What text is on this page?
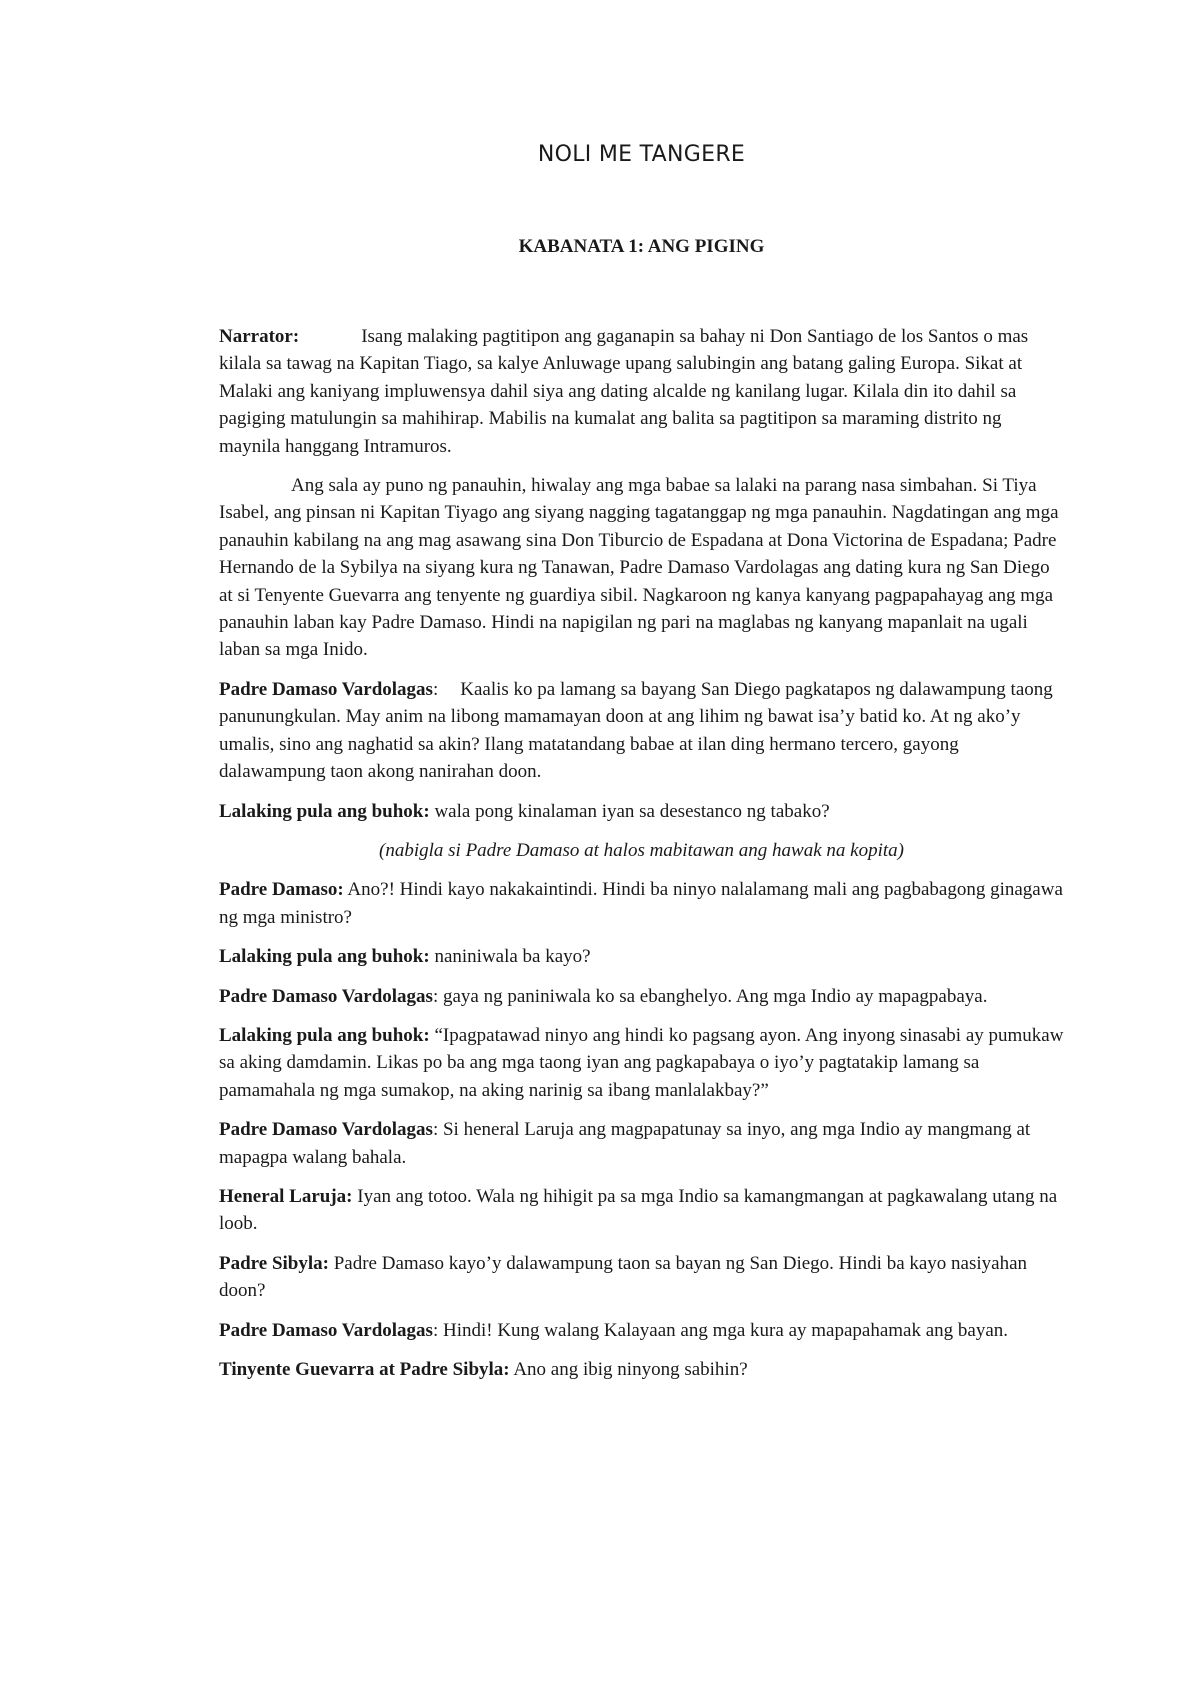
NOLI ME TANGERE
KABANATA 1: ANG PIGING

Narrator:	Isang malaking pagtitipon ang gaganapin sa bahay ni Don Santiago de los Santos o mas kilala sa tawag na Kapitan Tiago, sa kalye Anluwage upang salubingin ang batang galing Europa. Sikat at Malaki ang kaniyang impluwensya dahil siya ang dating alcalde ng kanilang lugar. Kilala din ito dahil sa pagiging matulungin sa mahihirap. Mabilis na kumalat ang balita sa pagtitipon sa maraming distrito ng maynila hanggang Intramuros.

Ang sala ay puno ng panauhin, hiwalay ang mga babae sa lalaki na parang nasa simbahan. Si Tiya Isabel, ang pinsan ni Kapitan Tiyago ang siyang nagging tagatanggap ng mga panauhin. Nagdatingan ang mga panauhin kabilang na ang mag asawang sina Don Tiburcio de Espadana at Dona Victorina de Espadana; Padre Hernando de la Sybilya na siyang kura ng Tanawan, Padre Damaso Vardolagas ang dating kura ng San Diego at si Tenyente Guevarra ang tenyente ng guardiya sibil. Nagkaroon ng kanya kanyang pagpapahayag ang mga panauhin laban kay Padre Damaso. Hindi na napigilan ng pari na maglabas ng kanyang mapanlait na ugali laban sa mga Inido.

Padre Damaso Vardolagas: Kaalis ko pa lamang sa bayang San Diego pagkatapos ng dalawampung taong panunungkulan. May anim na libong mamamayan doon at ang lihim ng bawat isa’y batid ko. At ng ako’y umalis, sino ang naghatid sa akin? Ilang matatandang babae at ilan ding hermano tercero, gayong dalawampung taon akong nanirahan doon.

Lalaking pula ang buhok: wala pong kinalaman iyan sa desestanco ng tabako?

(nabigla si Padre Damaso at halos mabitawan ang hawak na kopita)

Padre Damaso: Ano?! Hindi kayo nakakaintindi. Hindi ba ninyo nalalamang mali ang pagbabagong ginagawa ng mga ministro?

Lalaking pula ang buhok: naniniwala ba kayo?

Padre Damaso Vardolagas: gaya ng paniniwala ko sa ebanghelyo. Ang mga Indio ay mapagpabaya.

Lalaking pula ang buhok: “Ipagpatawad ninyo ang hindi ko pagsang ayon. Ang inyong sinasabi ay pumukaw sa aking damdamin. Likas po ba ang mga taong iyan ang pagkapabaya o iyo’y pagtatakip lamang sa pamamahala ng mga sumakop, na aking narinig sa ibang manlalakbay?”

Padre Damaso Vardolagas: Si heneral Laruja ang magpapatunay sa inyo, ang mga Indio ay mangmang at mapagpa walang bahala.

Heneral Laruja: Iyan ang totoo. Wala ng hihigit pa sa mga Indio sa kamangmangan at pagkawalang utang na loob.

Padre Sibyla: Padre Damaso kayo’y dalawampung taon sa bayan ng San Diego. Hindi ba kayo nasiyahan doon?

Padre Damaso Vardolagas: Hindi! Kung walang Kalayaan ang mga kura ay mapapahamak ang bayan.

Tinyente Guevarra at Padre Sibyla: Ano ang ibig ninyong sabihin?
